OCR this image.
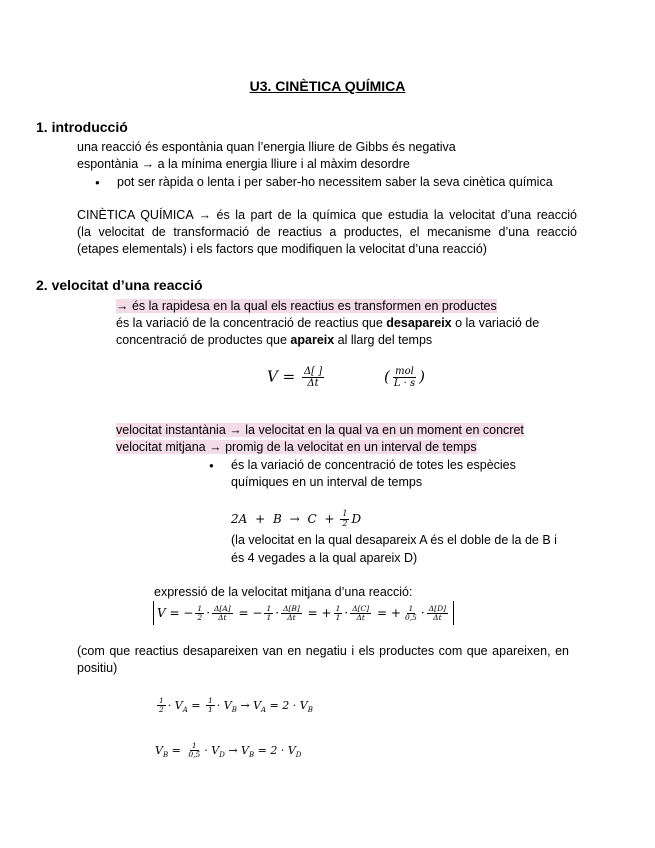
U3. CINÈTICA QUÍMICA
1. introducció
una reacció és espontània quan l’energia lliure de Gibbs és negativa
espontània → a la mínima energia lliure i al màxim desordre
● pot ser ràpida o lenta i per saber-ho necessitem saber la seva cinètica química
CINÈTICA QUÍMICA → és la part de la química que estudia la velocitat d’una reacció
(la velocitat de transformació de reactius a productes, el mecanisme d’una reacció
(etapes elementals) i els factors que modifiquen la velocitat d’una reacció)
2. velocitat d’una reacció
→ és la rapidesa en la qual els reactius es transformen en productes
és la variació de la concentració de reactius que desapareix o la variació de
concentració de productes que apareix al llarg del temps
$V = \frac{\Delta[ ]}{\Delta t}$	( $\frac{\text{mol}}{L \cdot s}$ )
velocitat instantània → la velocitat en la qual va en un moment en concret
velocitat mitjana → promig de la velocitat en un interval de temps
● és la variació de concentració de totes les espècies
químiques en un interval de temps
$2A + B \to C + \frac{1}{2}$ D
(la velocitat en la qual desapareix A és el doble de la de B i
és 4 vegades a la qual apareix D)
expressió de la velocitat mitjana d’una reacció:
V = − $\frac{1}{2} \cdot \frac{\Delta[A]}{\Delta t}$ = − $\frac{1}{1} \cdot \frac{\Delta[B]}{\Delta t}$ = + $\frac{1}{1} \cdot \frac{\Delta[C]}{\Delta t}$ = + $\frac{1}{0,5} \cdot \frac{\Delta[D]}{\Delta t}$
(com que reactius desapareixen van en negatiu i els productes com que apareixen, en
positiu)
$\frac{1}{2} \cdot V_A = \frac{1}{1} \cdot V_B \to V_A = 2 \cdot V_B$
$V_B = \frac{1}{0,5} \cdot V_D \to V_B = 2 \cdot V_D$
